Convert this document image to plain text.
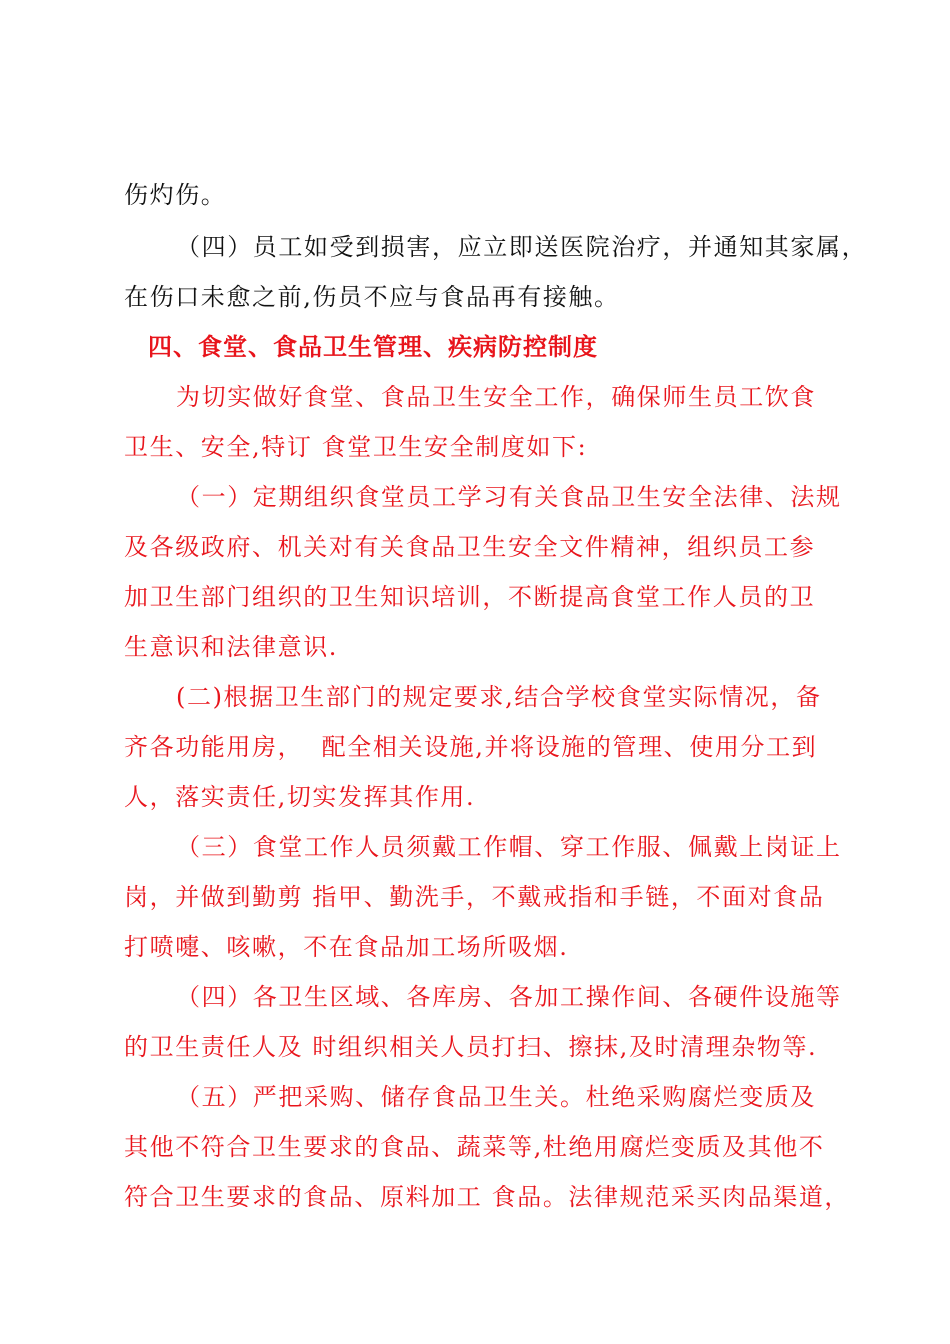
伤灼伤。
（四）员工如受到损害，应立即送医院治疗，并通知其家属，
在伤口未愈之前,伤员不应与食品再有接触。
四、食堂、食品卫生管理、疾病防控制度
为切实做好食堂、食品卫生安全工作，确保师生员工饮食
卫生、安全,特订 食堂卫生安全制度如下:
（一）定期组织食堂员工学习有关食品卫生安全法律、法规
及各级政府、机关对有关食品卫生安全文件精神，组织员工参
加卫生部门组织的卫生知识培训，不断提高食堂工作人员的卫
生意识和法律意识.
(二)根据卫生部门的规定要求,结合学校食堂实际情况，备
齐各功能用房，  配全相关设施,并将设施的管理、使用分工到
人，落实责任,切实发挥其作用.
（三）食堂工作人员须戴工作帽、穿工作服、佩戴上岗证上
岗，并做到勤剪 指甲、勤洗手，不戴戒指和手链，不面对食品
打喷嚏、咳嗽，不在食品加工场所吸烟.
（四）各卫生区域、各库房、各加工操作间、各硬件设施等
的卫生责任人及 时组织相关人员打扫、擦抹,及时清理杂物等.
（五）严把采购、储存食品卫生关。杜绝采购腐烂变质及
其他不符合卫生要求的食品、蔬菜等,杜绝用腐烂变质及其他不
符合卫生要求的食品、原料加工 食品。法律规范采买肉品渠道，
